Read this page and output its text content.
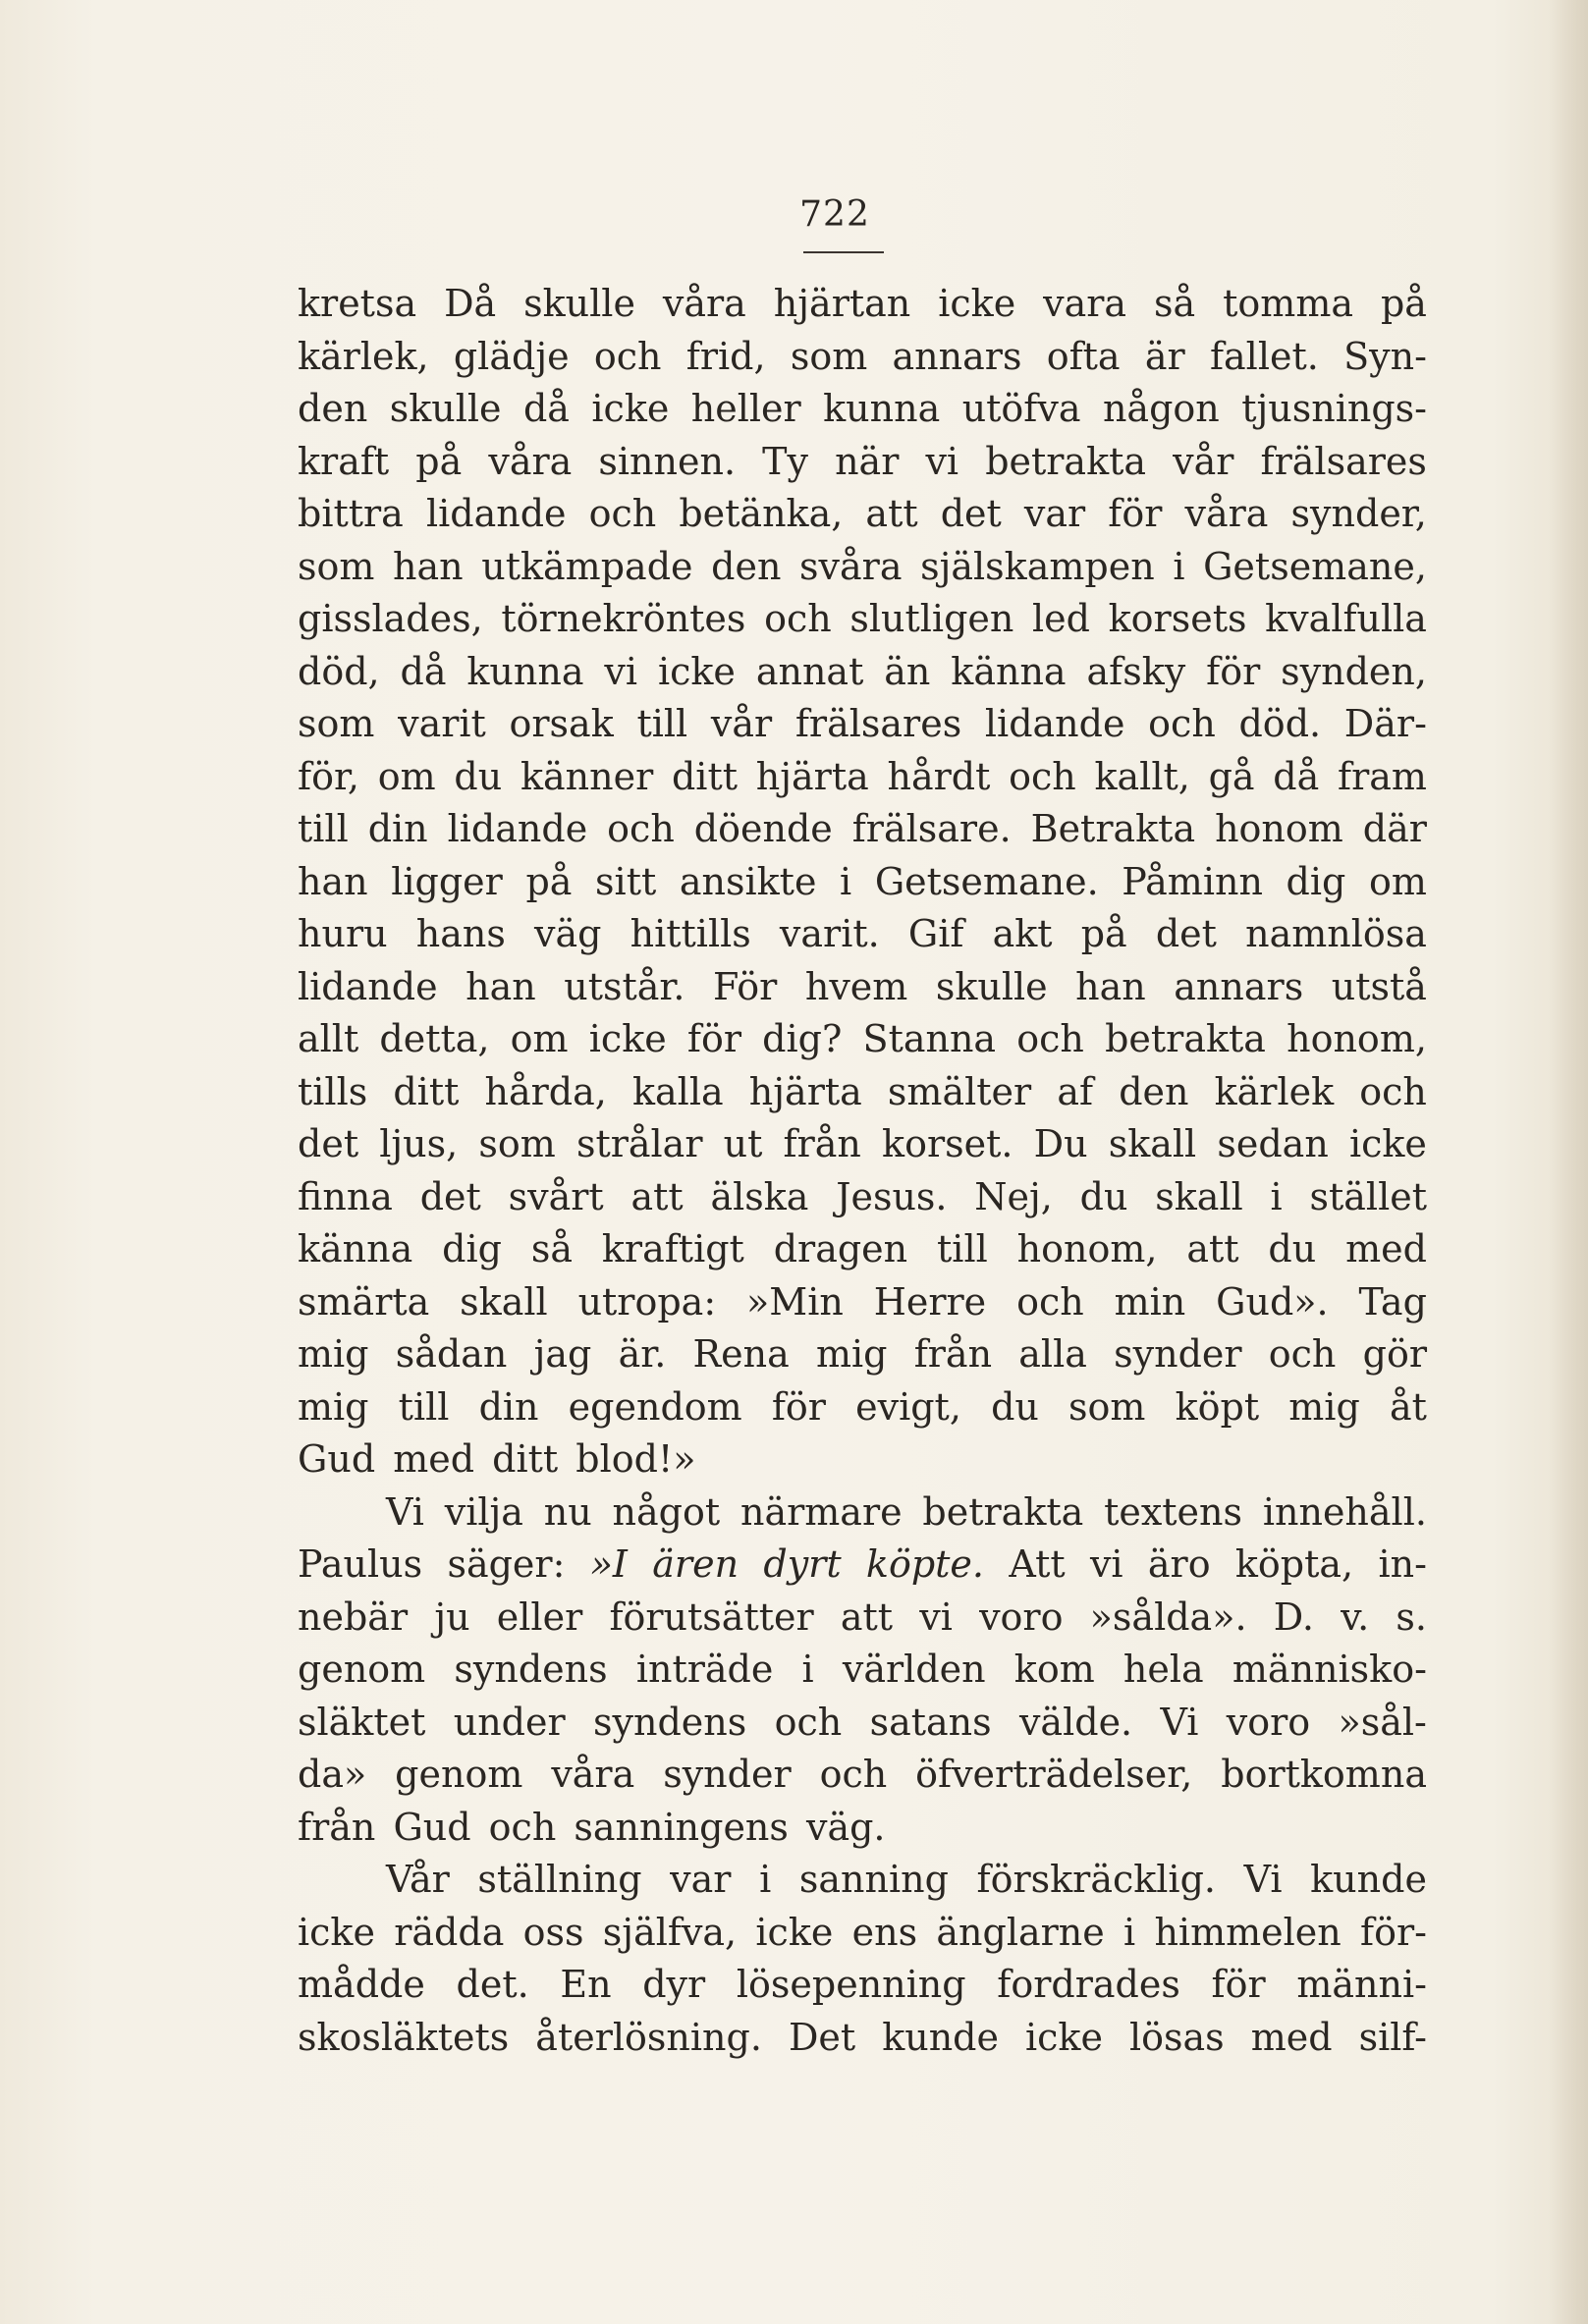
722
kretsa Då skulle våra hjärtan icke vara så tomma på
kärlek, glädje och frid, som annars ofta är fallet. Syn-
den skulle då icke heller kunna utöfva någon tjusnings-
kraft på våra sinnen. Ty när vi betrakta vår frälsares
bittra lidande och betänka, att det var för våra synder,
som han utkämpade den svåra själskampen i Getsemane,
gisslades, törnekröntes och slutligen led korsets kvalfulla
död, då kunna vi icke annat än känna afsky för synden,
som varit orsak till vår frälsares lidande och död. Där-
för, om du känner ditt hjärta hårdt och kallt, gå då fram
till din lidande och döende frälsare. Betrakta honom där
han ligger på sitt ansikte i Getsemane. Påminn dig om
huru hans väg hittills varit. Gif akt på det namnlösa
lidande han utstår. För hvem skulle han annars utstå
allt detta, om icke för dig? Stanna och betrakta honom,
tills ditt hårda, kalla hjärta smälter af den kärlek och
det ljus, som strålar ut från korset. Du skall sedan icke
finna det svårt att älska Jesus. Nej, du skall i stället
känna dig så kraftigt dragen till honom, att du med
smärta skall utropa: »Min Herre och min Gud». Tag
mig sådan jag är. Rena mig från alla synder och gör
mig till din egendom för evigt, du som köpt mig åt
Gud med ditt blod!»
Vi vilja nu något närmare betrakta textens innehåll.
Paulus säger: »I ären dyrt köpte. Att vi äro köpta, in-
nebär ju eller förutsätter att vi voro »sålda». D. v. s.
genom syndens inträde i världen kom hela människo-
släktet under syndens och satans välde. Vi voro »sål-
da» genom våra synder och öfverträdelser, bortkomna
från Gud och sanningens väg.
Vår ställning var i sanning förskräcklig. Vi kunde
icke rädda oss själfva, icke ens änglarne i himmelen för-
mådde det. En dyr lösepenning fordrades för männi-
skosläktets återlösning. Det kunde icke lösas med silf-
